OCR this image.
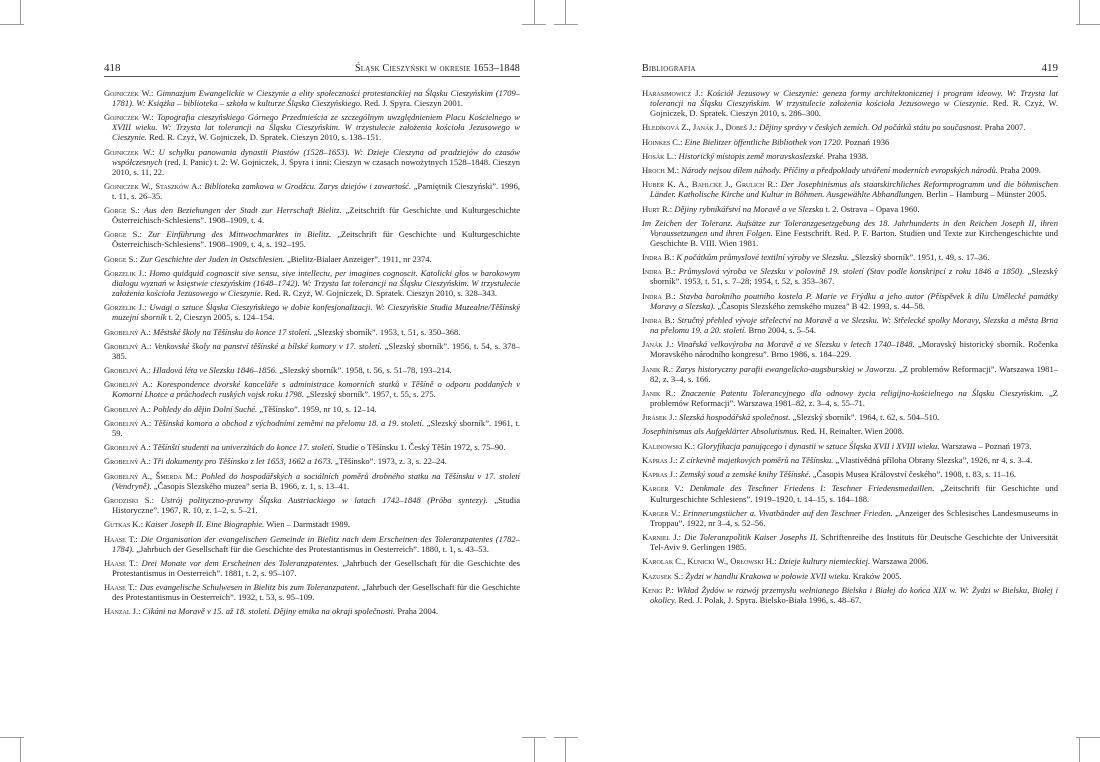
418	Śląsk Cieszyński w okresie 1653–1848

Gojniczek W.: Gimnazjum Ewangelickie w Cieszynie a elity społeczności protestanckiej na Śląsku Cieszyńskim (1709–1781). W: Książka – biblioteka – szkoła w kulturze Śląska Cieszyńskiego. Red. J. Spyra. Cieszyn 2001.

Gojniczek W.: Topografia cieszyńskiego Górnego Przedmieścia ze szczególnym uwzględnieniem Placu Kościelnego w XVIII wieku. W: Trzysta lat tolerancji na Śląsku Cieszyńskim. W trzystulecie założenia kościoła Jezusowego w Cieszynie. Red. R. Czyż, W. Gojniczek, D. Spratek. Cieszyn 2010, s. 138–151.

Gojniczek W.: U schyłku panowania dynastii Piastów (1528–1653). W: Dzieje Cieszyna od pradziejów do czasów współczesnych (red. I. Panic) t. 2: W. Gojniczek, J. Spyra i inni: Cieszyn w czasach nowożytnych 1528–1848. Cieszyn 2010, s. 11, 22.

Gojniczek W., Staszków A.: Biblioteka zamkowa w Grodźcu. Zarys dziejów i zawartość. „Pamiętnik Cieszyński”. 1996, t. 11, s. 26–35.

Gorge S.: Aus den Beziehungen der Stadt zur Herrschaft Bielitz. „Zeitschrift für Geschichte und Kulturgeschichte Österreichisch-Schlesiens”. 1908–1909, t. 4.

Gorge S.: Zur Einführung des Mittwochmarktes in Bielitz. „Zeitschrift für Geschichte und Kulturgeschichte Österreichisch-Schlesiens”. 1908–1909, t. 4, s. 192–195.

Gorge S.: Zur Geschichte der Juden in Ostschlesien. „Bielitz-Bialaer Anzeiger”. 1911, nr 2374.

Gorzelik J.: Homo quidquid cognoscit sive sensu, sive intellectu, per imagines cognoscit. Katolicki głos w barokowym dialogu wyznań w księstwie cieszyńskim (1648–1742). W: Trzysta lat tolerancji na Śląsku Cieszyńskim. W trzystulecie założenia kościoła Jezusowego w Cieszynie. Red. R. Czyż, W. Gojniczek, D. Spratek. Cieszyn 2010, s. 328–343.

Gorzelik J.: Uwagi o sztuce Śląska Cieszyńskiego w dobie konfesjonalizacji. W: Cieszyńskie Studia Muzealne/Těšínský muzejní sborník t. 2, Cieszyn 2005, s. 124–154.

Grobelný A.: Městské školy na Těšínsku do konce 17 století. „Slezský sborník”. 1953, t. 51, s. 350–368.

Grobelný A.: Venkovské školy na panství těšínské a bílské komory v 17. století. „Slezský sborník”. 1956, t. 54, s. 378–385.

Grobelný A.: Hladová léta ve Slezsku 1846–1856. „Slezský sborník”. 1958, t. 56, s. 51–78, 193–214.

Grobelný A.: Korespondence dvorské kanceláře s administrace komorních statků v Těšíně o odporu poddaných v Komorní Lhotce a průchodech ruských vojsk roku 1798. „Slezský sborník”. 1957, t. 55, s. 275.

Grobelný A.: Pohledy do dějin Dolní Suché. „Těšínsko”. 1959, nr 10, s. 12–14.

Grobelný A.: Těšínská komora a obchod z východními zeměmi na přelomu 18. a 19. století. „Slezský sborník”. 1961, t. 59.

Grobelný A.: Těšínští studenti na univerzitách do konce 17. století. Studie o Těšínsku 1. Český Těšín 1972, s. 75–90.

Grobelný A.: Tři dokumenty pro Těšínsko z let 1653, 1662 a 1673. „Těšínsko”. 1973, z. 3, s. 22–24.

Grobelný A., Šmerda M.: Pohled do hospodářských a sociálních poměrů drobného statku na Těšínsku v 17. století (Vendryně). „Časopis Slezského muzea” seria B. 1966, z. 1, s. 13–41.

Grodziski S.: Ustrój polityczno-prawny Śląska Austriackiego w latach 1742–1848 (Próba syntezy). „Studia Historyczne”. 1967, R. 10, z. 1–2, s. 5–21.

Gutkas K.: Kaiser Joseph II. Eine Biographie. Wien – Darmstadt 1989.

Haase T.: Die Organisation der evangelischen Gemeinde in Bielitz nach dem Erscheinen des Toleranzpatentes (1782–1784). „Jahrbuch der Gesellschaft für die Geschichte des Protestantismus in Oesterreich”. 1880, t. 1, s. 43–53.

Haase T.: Drei Monate vor dem Erscheinen des Toleranzpatentes. „Jahrbuch der Gesellschaft für die Geschichte des Protestantismus in Oesterreich”. 1881, t. 2, s. 95–107.

Haase T.: Das evangelische Schulwesen in Bielitz bis zum Toleranzpatent. „Jahrbuch der Gesellschaft für die Geschichte des Protestantismus in Oesterreich”. 1932, t. 53, s. 95–109.

Hanzal J.: Cikáni na Moravě v 15. až 18. století. Dějiny etnika na okraji společnosti. Praha 2004.

Bibliografia	419

Harasimowicz J.: Kościół Jezusowy w Cieszynie: geneza formy architektonicznej i program ideowy. W: Trzysta lat tolerancji na Śląsku Cieszyńskim. W trzystulecie założenia kościoła Jezusowego w Cieszynie. Red. R. Czyż, W. Gojniczek, D. Spratek. Cieszyn 2010, s. 286–300.

Hledíková Z., Janák J., Dobeš J.: Dějiny správy v českých zemích. Od počátků státu po současnost. Praha 2007.

Hoinkes C.: Eine Bielitzer öffentliche Bibliothek von 1720. Poznań 1936

Hosák L.: Historický místopis země moravskoslezské. Praha 1938.

Hroch M.: Národy nejsou dílem náhody. Příčiny a předpoklady utváření moderních evropských národů. Praha 2009.

Huber K. A., Bahlcke J., Grulich R.: Der Josephinismus als staatskirchliches Reformprogramm und die böhmischen Länder. Katholische Kirche und Kultur in Böhmen. Ausgewählte Abhandlungen. Berlin – Hamburg – Münster 2005.

Hurt R.: Dějiny rybníkářství na Moravě a ve Slezsku t. 2. Ostrava – Opava 1960.

Im Zeichen der Toleranz. Aufsätze zur Toleranzgesetzgebung des 18. Jahrhunderts in den Reichen Joseph II, ihren Voraussetzungen und ihren Folgen. Eine Festschrift. Red. P. F. Barton. Studien und Texte zur Kirchengeschichte und Geschichte B. VIII. Wien 1981.

Indra B.: K počátkům průmyslové textilní výroby ve Slezsku. „Slezský sborník”. 1951, t. 49, s. 17–36.

Indra B.: Průmyslová výroba ve Slezsku v polovině 19. století (Stav podle konskripcí z roku 1846 a 1850). „Slezský sborník”. 1953, t. 51, s. 7–28; 1954, t. 52, s. 353–367.

Indra B.: Stavba barokního poutního kostela P. Marie ve Frýdku a jeho autor (Příspěvek k dílu Umělecké památky Moravy a Slezska). „Časopis Slezského zemského muzea” B 42. 1993, s. 44–58.

Indra B.: Stručný přehled vývoje střelectví na Moravě a ve Slezsku. W: Střelecké spolky Moravy, Slezska a města Brna na přelomu 19. a 20. století. Brno 2004, s. 5–54.

Janák J.: Vinařská velkovýroba na Moravě a ve Slezsku v letech 1740–1848. „Moravský historický sborník. Ročenka Moravského národního kongresu”. Brno 1986, s. 184–229.

Janik R.: Zarys historyczny parafii ewangelicko-augsburskiej w Jaworzu. „Z problemów Reformacji”. Warszawa 1981–82, z. 3–4, s. 166.

Janik R.: Znaczenie Patentu Tolerancyjnego dla odnowy życia religijno-kościelnego na Śląsku Cieszyńskim. „Z problemów Reformacji”. Warszawa 1981–82, z. 3–4, s. 55–71.

Jirásek J.: Slezská hospodářská společnost. „Slezský sborník”. 1964, t. 62, s. 504–510.

Josephinismus als Aufgeklärter Absolutismus. Red. H. Reinalter. Wien 2008.

Kalinowski K.: Gloryfikacja panującego i dynastii w sztuce Śląska XVII i XVIII wieku. Warszawa – Poznań 1973.

Kapras J.: Z církevně majetkových poměrů na Těšínsku. „Vlastivědná příloha Obrany Slezska”, 1926, nr 4, s. 3–4.

Kapras J.: Zemský soud a zemské knihy Těšínské. „Časopis Musea Království českého”. 1908, t. 83, s. 11–16.

Karger V.: Denkmale des Teschner Friedens I: Teschner Friedensmedaillen. „Zeitschrift für Geschichte und Kulturgeschichte Schlesiens”. 1919–1920, t. 14–15, s. 184–188.

Karger V.: Erinnerungstücher a. Vivatbänder auf den Teschner Frieden. „Anzeiger des Schlesisches Landesmuseums in Troppau”. 1922, nr 3–4, s. 52–56.

Karniel J.: Die Toleranzpolitik Kaiser Josephs II. Schriftenreihe des Instituts für Deutsche Geschichte der Universität Tel-Aviv 9. Gerlingen 1985.

Karolak C., Kunicki W., Orłowski H.: Dzieje kultury niemieckiej. Warszawa 2006.

Kazusek S.: Żydzi w handlu Krakowa w połowie XVII wieku. Kraków 2005.

Kenig P.: Wkład Żydów w rozwój przemysłu wełnianego Bielska i Białej do końca XIX w. W: Żydzi w Bielsku, Białej i okolicy. Red. J. Polak, J. Spyra. Bielsko-Biała 1996, s. 48–67.
